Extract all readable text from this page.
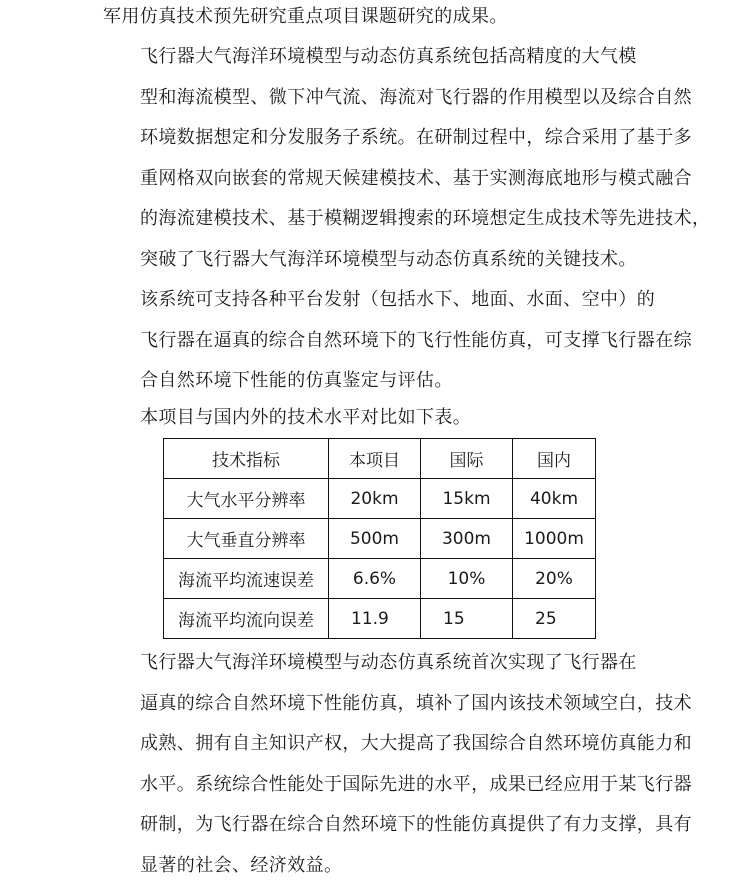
军用仿真技术预先研究重点项目课题研究的成果。

飞行器大气海洋环境模型与动态仿真系统包括高精度的大气模
型和海流模型、微下冲气流、海流对飞行器的作用模型以及综合自然
环境数据想定和分发服务子系统。在研制过程中，综合采用了基于多
重网格双向嵌套的常规天候建模技术、基于实测海底地形与模式融合
的海流建模技术、基于模糊逻辑搜索的环境想定生成技术等先进技术，
突破了飞行器大气海洋环境模型与动态仿真系统的关键技术。

该系统可支持各种平台发射（包括水下、地面、水面、空中）的
飞行器在逼真的综合自然环境下的飞行性能仿真，可支撑飞行器在综
合自然环境下性能的仿真鉴定与评估。

本项目与国内外的技术水平对比如下表。

技术指标	本项目	国际	国内
大气水平分辨率	20km	15km	40km
大气垂直分辨率	500m	300m	1000m
海流平均流速误差	6.6%	10%	20%
海流平均流向误差	11.9	15	25

飞行器大气海洋环境模型与动态仿真系统首次实现了飞行器在
逼真的综合自然环境下性能仿真，填补了国内该技术领域空白，技术
成熟、拥有自主知识产权，大大提高了我国综合自然环境仿真能力和
水平。系统综合性能处于国际先进的水平，成果已经应用于某飞行器
研制，为飞行器在综合自然环境下的性能仿真提供了有力支撑，具有
显著的社会、经济效益。
